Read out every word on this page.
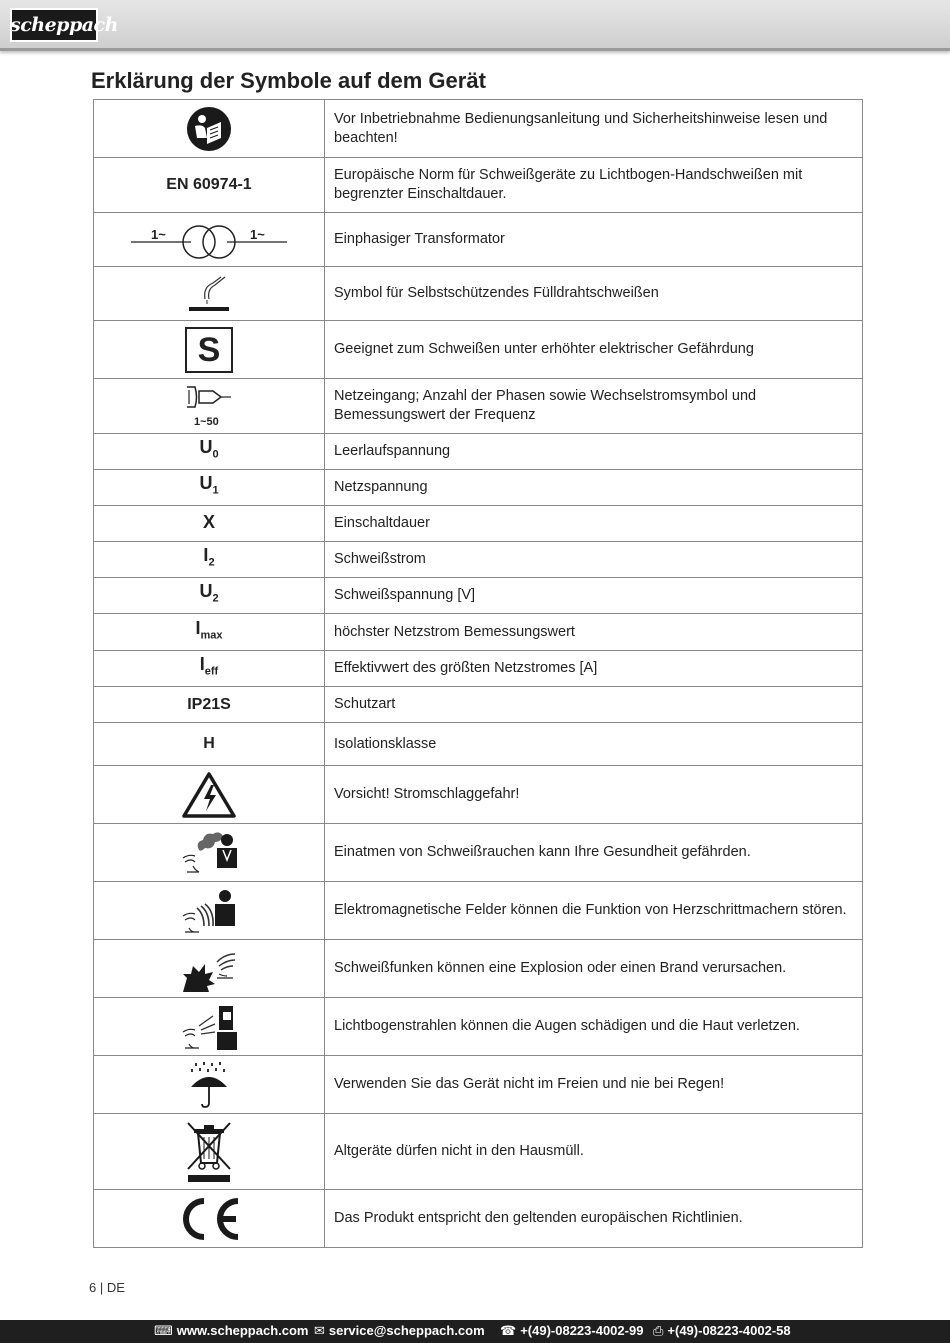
scheppach
Erklärung der Symbole auf dem Gerät
	Vor Inbetriebnahme Bedienungsanleitung und Sicherheitshinweise lesen und beachten!
EN 60974-1	Europäische Norm für Schweißgeräte zu Lichtbogen-Handschweißen mit begrenzter Einschaltdauer.

1~ 1~	Einphasiger Transformator

	Symbol für Selbstschützendes Fülldrahtschweißen

S	Geeignet zum Schweißen unter erhöhter elektrischer Gefährdung

1~50	Netzeingang; Anzahl der Phasen sowie Wechselstromsymbol und Bemessungswert der Frequenz
$U_0$	Leerlaufspannung
$U_1$	Netzspannung
X	Einschaltdauer
$I_2$	Schweißstrom
$U_2$	Schweißspannung [V]
$I_{max}$	höchster Netzstrom Bemessungswert
$I_{eff}$	Effektivwert des größten Netzstromes [A]
IP21S	Schutzart
H	Isolationsklasse

	Vorsicht! Stromschlaggefahr!

	Einatmen von Schweißrauchen kann Ihre Gesundheit gefährden.

	Elektromagnetische Felder können die Funktion von Herzschrittmachern stören.

	Schweißfunken können eine Explosion oder einen Brand verursachen.

	Lichtbogenstrahlen können die Augen schädigen und die Haut verletzen.

	Verwenden Sie das Gerät nicht im Freien und nie bei Regen!

	Altgeräte dürfen nicht in den Hausmüll.

	Das Produkt entspricht den geltenden europäischen Richtlinien.
6 | DE
⌨ www.scheppach.com ✉ service@scheppach.com ☎ +(49)-08223-4002-99 ⎙ +(49)-08223-4002-58
